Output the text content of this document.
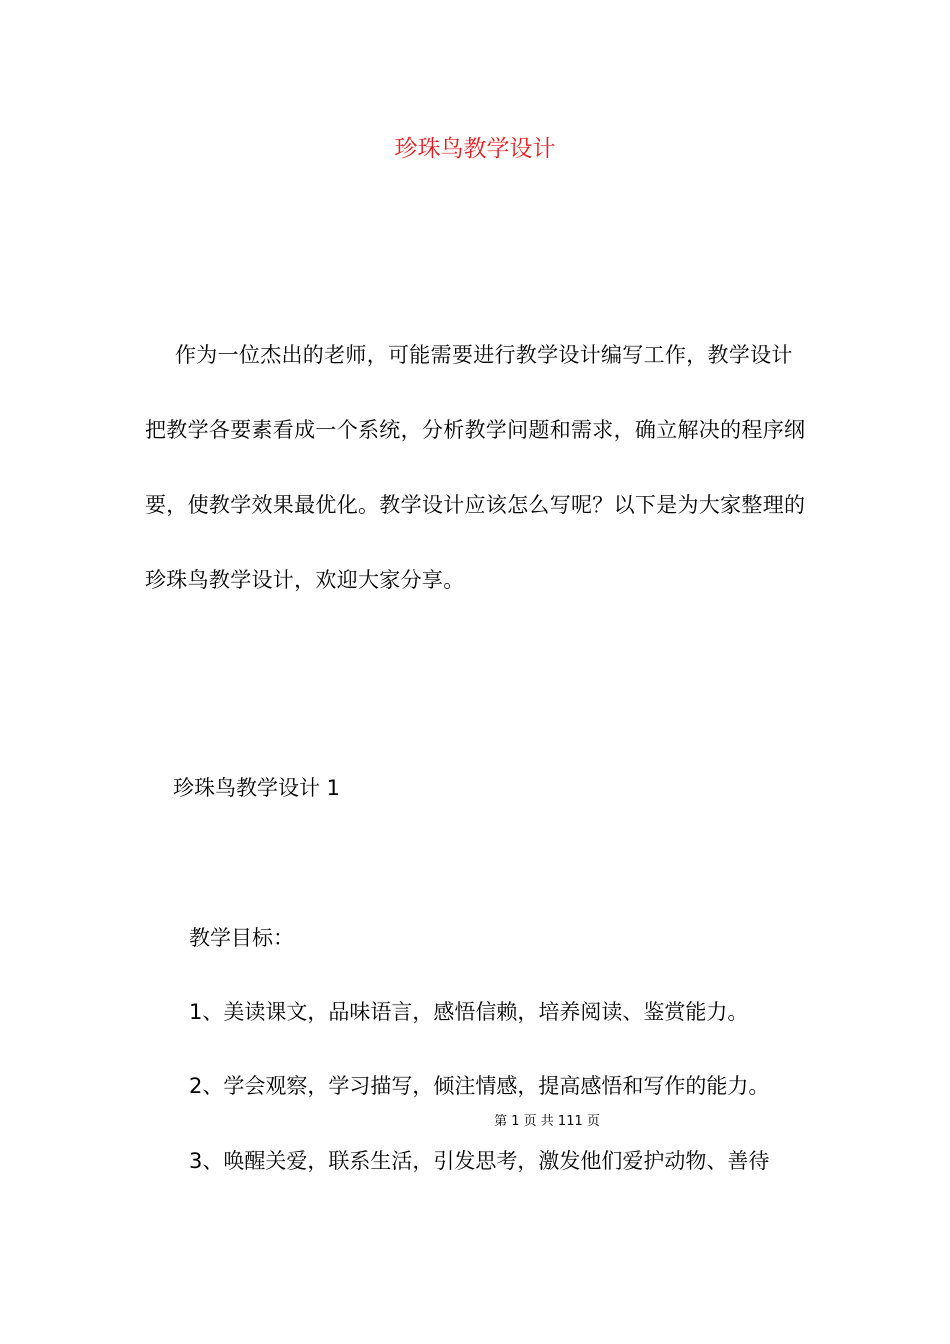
珍珠鸟教学设计

作为一位杰出的老师，可能需要进行教学设计编写工作，教学设计把教学各要素看成一个系统，分析教学问题和需求，确立解决的程序纲要，使教学效果最优化。教学设计应该怎么写呢？以下是为大家整理的珍珠鸟教学设计，欢迎大家分享。

珍珠鸟教学设计 1

教学目标：

1、美读课文，品味语言，感悟信赖，培养阅读、鉴赏能力。

2、学会观察，学习描写，倾注情感，提高感悟和写作的能力。

第 1 页 共 111 页

3、唤醒关爱，联系生活，引发思考，激发他们爱护动物、善待
